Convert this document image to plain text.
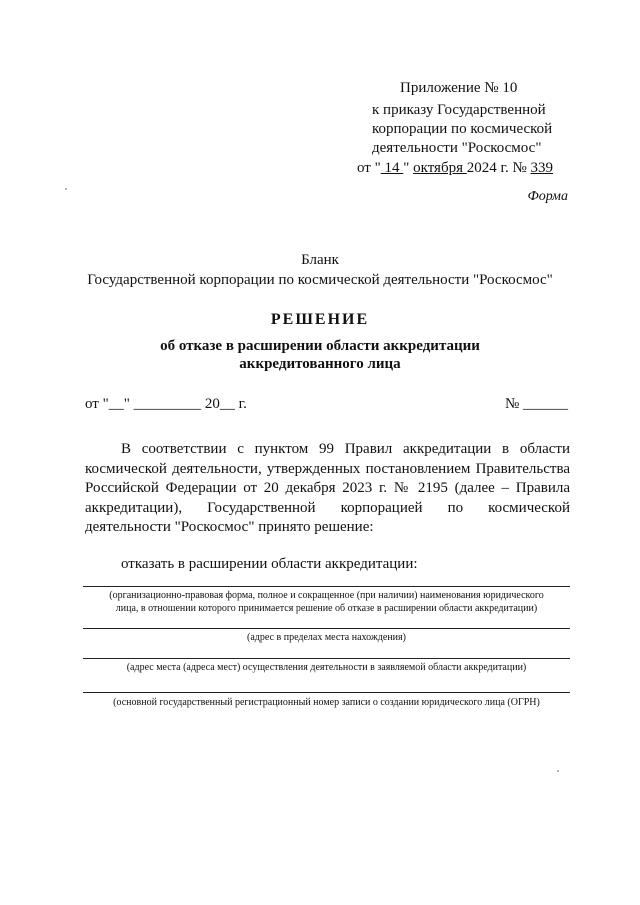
Приложение № 10
к приказу Государственной
корпорации по космической
деятельности "Роскосмос"
от " 14 " октября 2024 г. № 339
Форма
Бланк
Государственной корпорации по космической деятельности "Роскосмос"
РЕШЕНИЕ
об отказе в расширении области аккредитации
аккредитованного лица
от "__" _________ 20__ г.	№ ______
В соответствии с пунктом 99 Правил аккредитации в области космической деятельности, утвержденных постановлением Правительства Российской Федерации от 20 декабря 2023 г. № 2195 (далее – Правила аккредитации), Государственной корпорацией по космической деятельности "Роскосмос" принято решение:
отказать в расширении области аккредитации:
(организационно-правовая форма, полное и сокращенное (при наличии) наименования юридического
лица, в отношении которого принимается решение об отказе в расширении области аккредитации)
(адрес в пределах места нахождения)
(адрес места (адреса мест) осуществления деятельности в заявляемой области аккредитации)
(основной государственный регистрационный номер записи о создании юридического лица (ОГРН)
